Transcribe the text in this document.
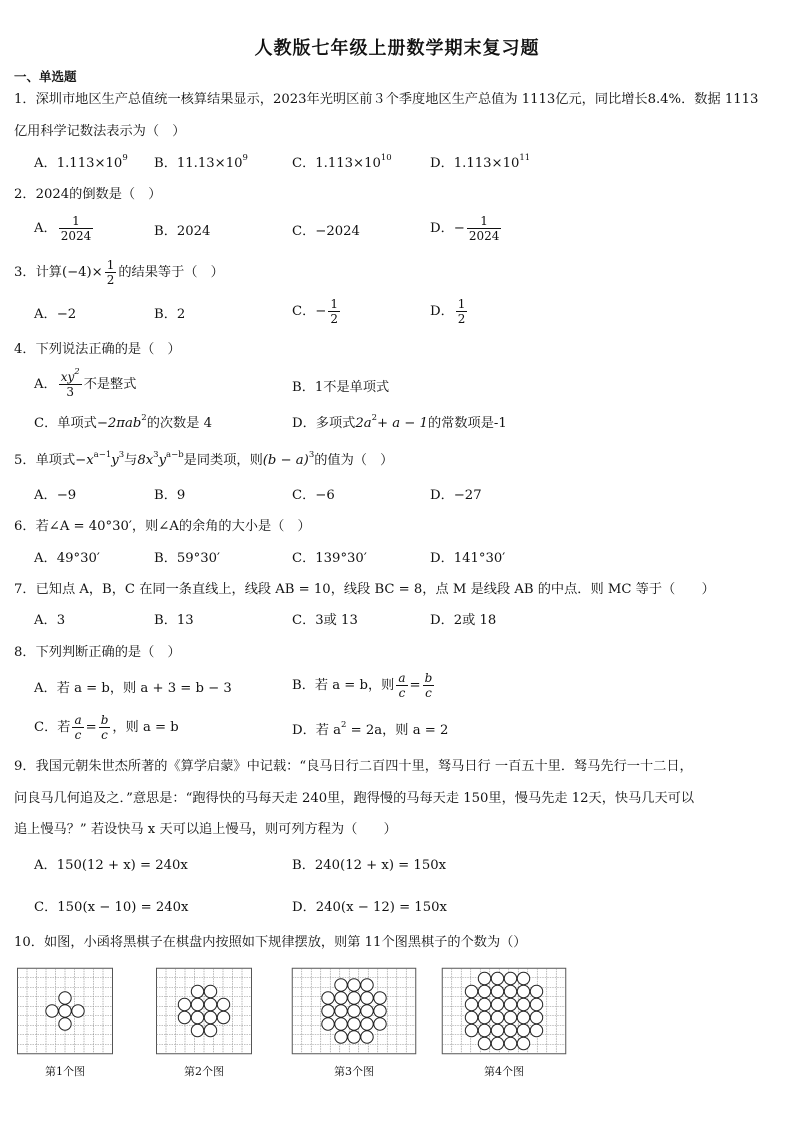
人教版七年级上册数学期末复习题
一、单选题
1．深圳市地区生产总值统一核算结果显示，2023年光明区前３个季度地区生产总值为 1113亿元，同比增长8.4%．数据 1113
亿用科学记数法表示为（　）
A．$1.113\times 10^9$ B．$11.13\times 10^9$	C．$1.113\times 10^{10}$	D．$1.113\times 10^{11}$
2．2024的倒数是（　）
A． $\frac{1}{2024}$	B．2024	C．−2024	D．− $\frac{1}{2024}$
3．计算$(-4)\times \frac{1}{2}$ 的结果等于（　）
A．−2	B．2	C．− $\frac{1}{2}$	D． $\frac{1}{2}$
4．下列说法正确的是（　）
A． $\frac{xy^2}{3}$ 不是整式	B．1不是单项式
C．单项式−2πab$^2$的次数是 4	D．多项式$2a^2+ a - 1$的常数项是-1
5．单项式$-x^{a-1}y^3$与$8x^3y^{a-b}$是同类项，则$(b - a)^3$的值为（　）
A．−9	B．9	C．−6	D．−27
6．若∠A = 40°30′，则∠A的余角的大小是（　）
A．49°30′	B．59°30′	C．139°30′	D．141°30′
7．已知点 A，B，C 在同一条直线上，线段 AB = 10，线段 BC = 8，点 M 是线段 AB 的中点．则 MC 等于（　　）
A．3	B．13	C．3或 13	D．2或 18
8．下列判断正确的是（　）
A．若 a = b，则 a + 3 = b − 3	B．若 a = b，则 $\frac{a}{c} = \frac{b}{c}$
C．若 $\frac{a}{c} = \frac{b}{c}$ ，则 a = b	D．若 $a^2 = 2a$，则 a = 2
9．我国元朝朱世杰所著的《算学启蒙》中记载：“良马日行二百四十里，驽马日行 一百五十里．驽马先行一十二日，
问良马几何追及之．”意思是：“跑得快的马每天走 240里，跑得慢的马每天走 150里，慢马先走 12天，快马几天可以
追上慢马？” 若设快马 x 天可以追上慢马，则可列方程为（　　）
A．150(12 + x) = 240x	B．240(12 + x) = 150x
C．150(x − 10) = 240x	D．240(x − 12) = 150x
10．如图，小函将黑棋子在棋盘内按照如下规律摆放，则第 11个图黑棋子的个数为（）
第1个图	第2个图	第3个图	第4个图
